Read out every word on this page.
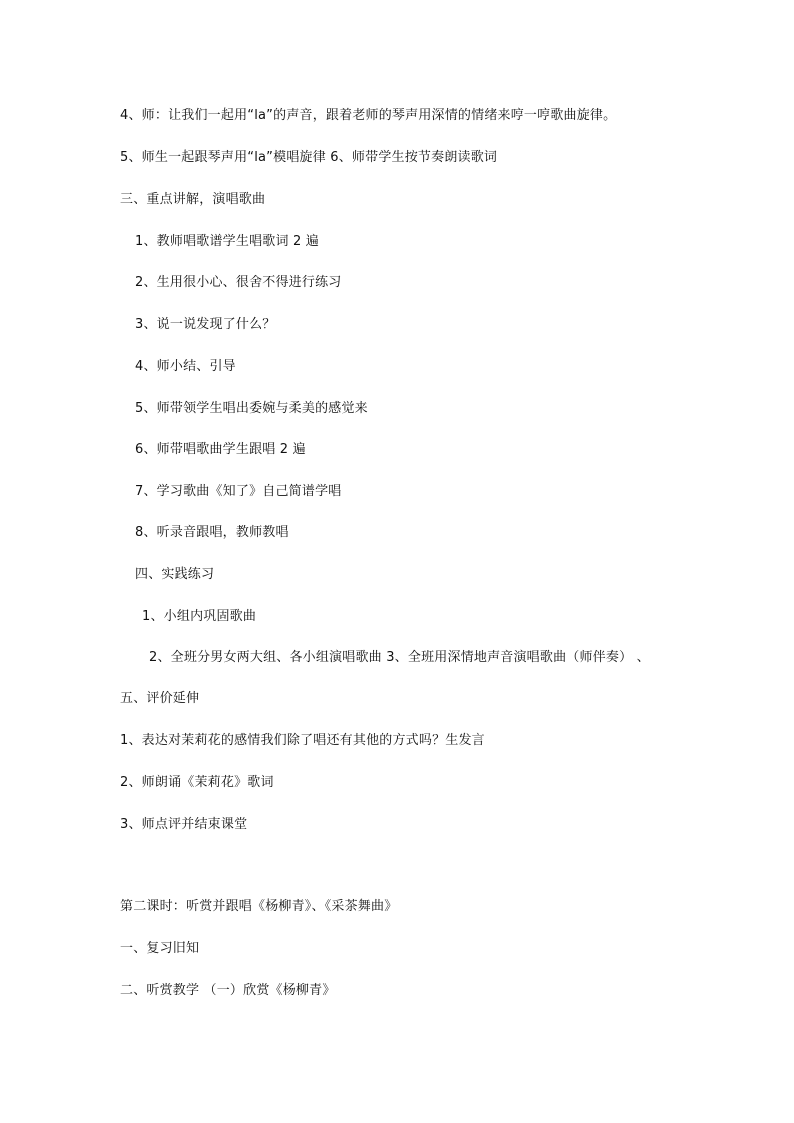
4、师：让我们一起用“la”的声音，跟着老师的琴声用深情的情绪来哼一哼歌曲旋律。
5、师生一起跟琴声用“la”模唱旋律 6、师带学生按节奏朗读歌词
三、重点讲解，演唱歌曲
1、教师唱歌谱学生唱歌词 2 遍
2、生用很小心、很舍不得进行练习
3、说一说发现了什么？
4、师小结、引导
5、师带领学生唱出委婉与柔美的感觉来
6、师带唱歌曲学生跟唱 2 遍
7、学习歌曲《知了》自己简谱学唱
8、听录音跟唱，教师教唱
四、实践练习
1、小组内巩固歌曲
2、全班分男女两大组、各小组演唱歌曲 3、全班用深情地声音演唱歌曲（师伴奏） 、
五、评价延伸
1、表达对茉莉花的感情我们除了唱还有其他的方式吗？生发言
2、师朗诵《茉莉花》歌词
3、师点评并结束课堂
第二课时：听赏并跟唱《杨柳青》、《采茶舞曲》
一、复习旧知
二、听赏教学 （一）欣赏《杨柳青》
